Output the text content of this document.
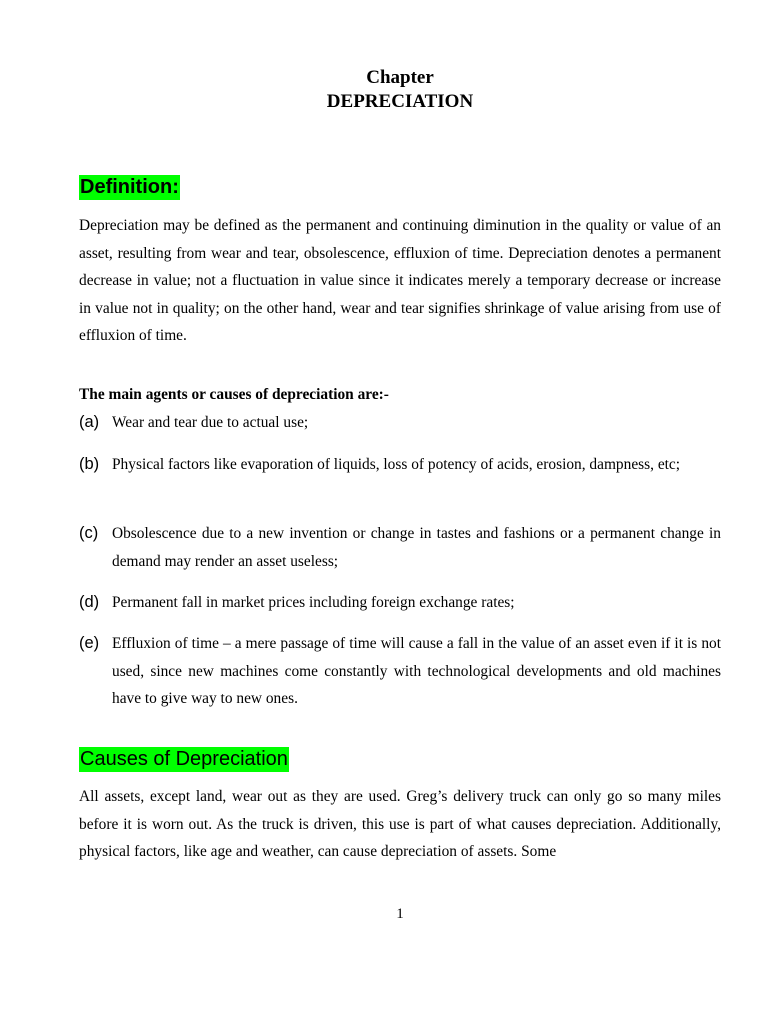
Chapter
DEPRECIATION
Definition:
Depreciation may be defined as the permanent and continuing diminution in the quality or value of an asset, resulting from wear and tear, obsolescence, effluxion of time. Depreciation denotes a permanent decrease in value; not a fluctuation in value since it indicates merely a temporary decrease or increase in value not in quality; on the other hand, wear and tear signifies shrinkage of value arising from use of effluxion of time.
The main agents or causes of depreciation are:-
(a) Wear and tear due to actual use;
(b) Physical factors like evaporation of liquids, loss of potency of acids, erosion, dampness, etc;
(c) Obsolescence due to a new invention or change in tastes and fashions or a permanent change in demand may render an asset useless;
(d) Permanent fall in market prices including foreign exchange rates;
(e) Effluxion of time – a mere passage of time will cause a fall in the value of an asset even if it is not used, since new machines come constantly with technological developments and old machines have to give way to new ones.
Causes of Depreciation
All assets, except land, wear out as they are used. Greg’s delivery truck can only go so many miles before it is worn out. As the truck is driven, this use is part of what causes depreciation. Additionally, physical factors, like age and weather, can cause depreciation of assets. Some
1
